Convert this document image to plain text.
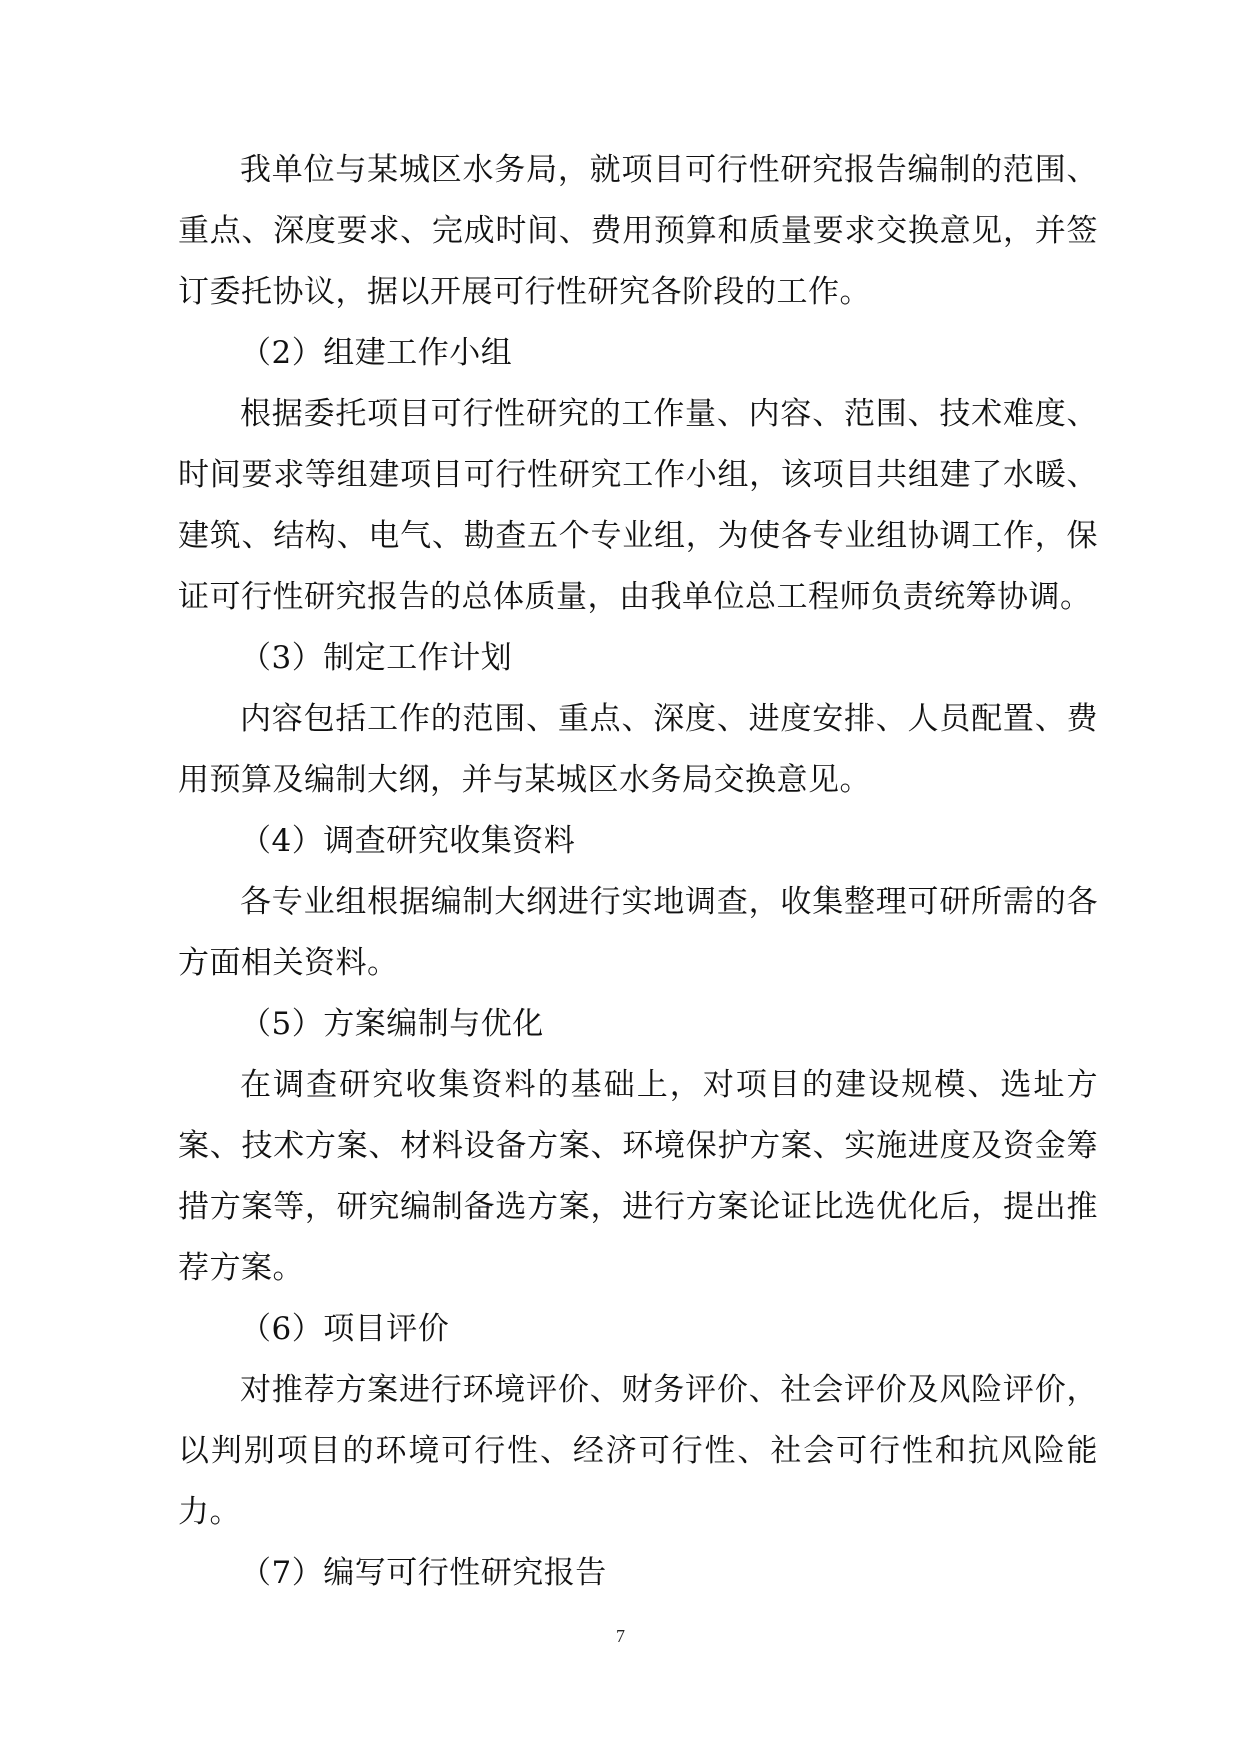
我单位与某城区水务局，就项目可行性研究报告编制的范围、重点、深度要求、完成时间、费用预算和质量要求交换意见，并签订委托协议，据以开展可行性研究各阶段的工作。

（2）组建工作小组

根据委托项目可行性研究的工作量、内容、范围、技术难度、时间要求等组建项目可行性研究工作小组，该项目共组建了水暖、建筑、结构、电气、勘查五个专业组，为使各专业组协调工作，保证可行性研究报告的总体质量，由我单位总工程师负责统筹协调。

（3）制定工作计划

内容包括工作的范围、重点、深度、进度安排、人员配置、费用预算及编制大纲，并与某城区水务局交换意见。

（4）调查研究收集资料

各专业组根据编制大纲进行实地调查，收集整理可研所需的各方面相关资料。

（5）方案编制与优化

在调查研究收集资料的基础上，对项目的建设规模、选址方案、技术方案、材料设备方案、环境保护方案、实施进度及资金筹措方案等，研究编制备选方案，进行方案论证比选优化后，提出推荐方案。

（6）项目评价

对推荐方案进行环境评价、财务评价、社会评价及风险评价，以判别项目的环境可行性、经济可行性、社会可行性和抗风险能力。

（7）编写可行性研究报告

7
